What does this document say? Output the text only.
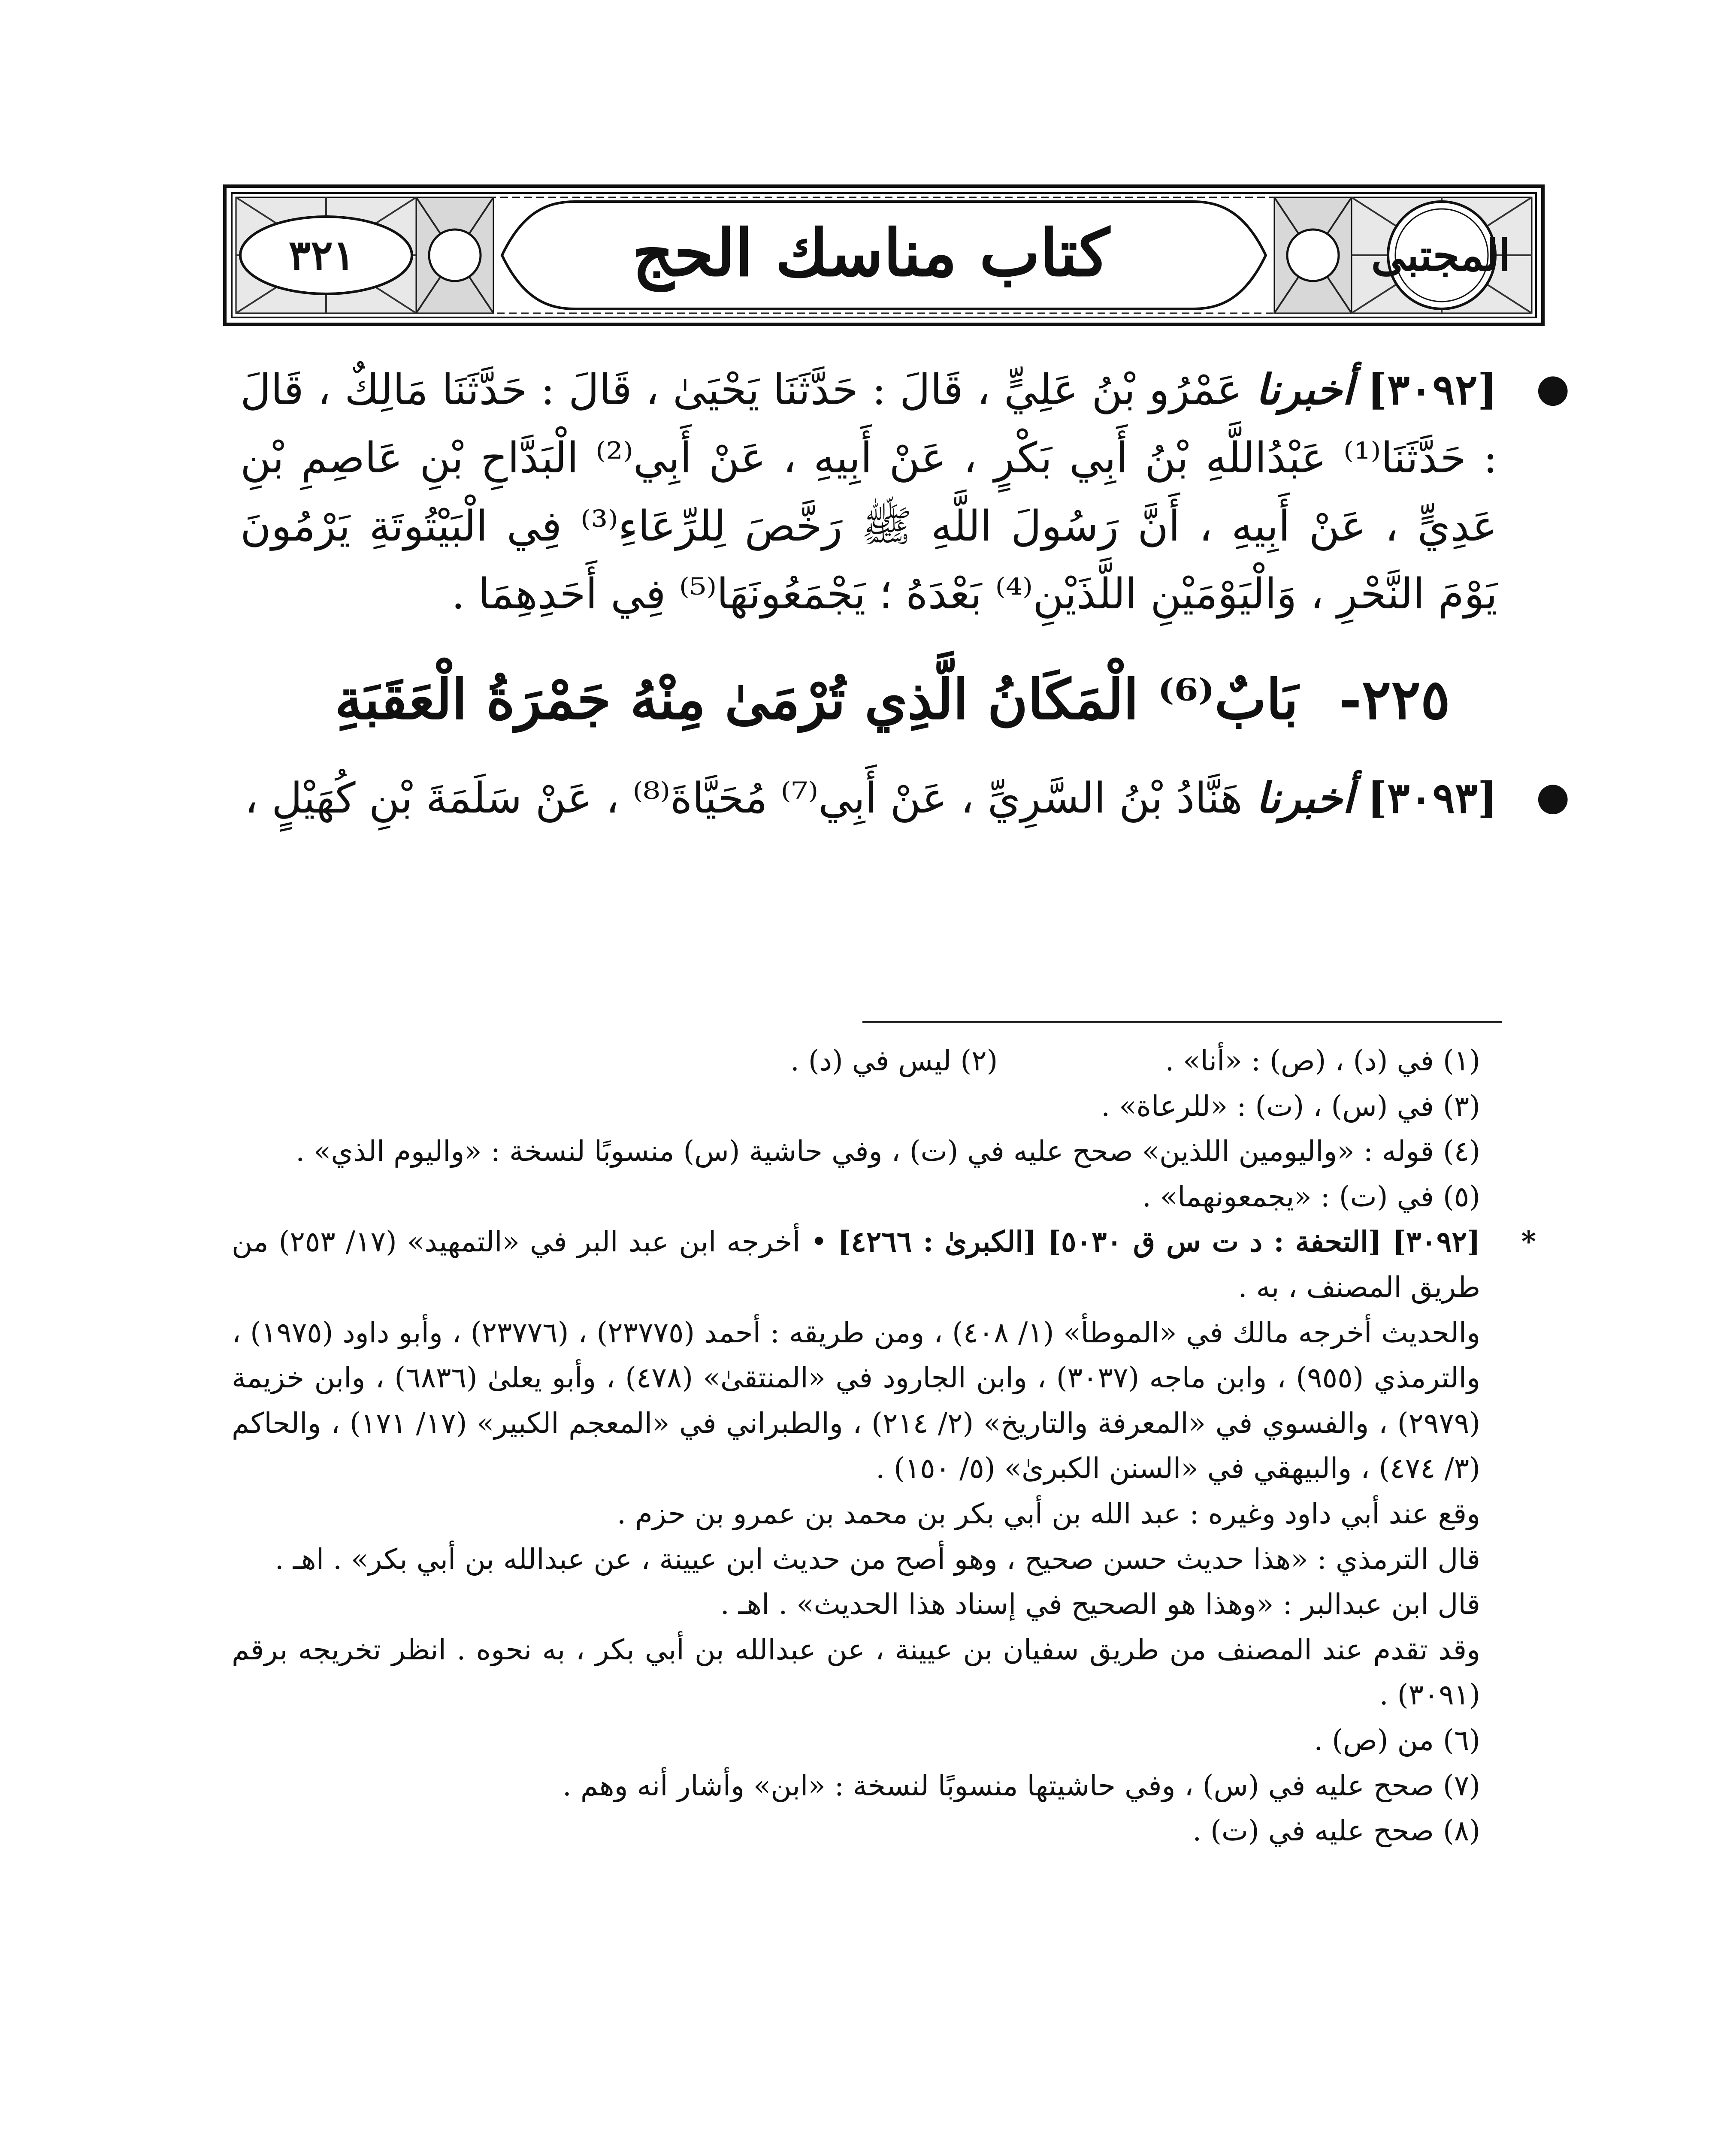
٣٢١	كتاب مناسك الحج	المجتبى

●
[٣٠٩٢] أخبرنا عَمْرُو بْنُ عَلِيٍّ ، قَالَ : حَدَّثَنَا يَحْيَىٰ ، قَالَ : حَدَّثَنَا مَالِكٌ ، قَالَ : حَدَّثَنَا⁽¹⁾ عَبْدُاللَّهِ بْنُ أَبِي بَكْرٍ ، عَنْ أَبِيهِ ، عَنْ أَبِي⁽²⁾ الْبَدَّاحِ بْنِ عَاصِمِ بْنِ عَدِيٍّ ، عَنْ أَبِيهِ ، أَنَّ رَسُولَ اللَّهِ ﷺ رَخَّصَ لِلرِّعَاءِ⁽³⁾ فِي الْبَيْتُوتَةِ يَرْمُونَ يَوْمَ النَّحْرِ ، وَالْيَوْمَيْنِ اللَّذَيْنِ⁽⁴⁾ بَعْدَهُ ؛ يَجْمَعُونَهَا⁽⁵⁾ فِي أَحَدِهِمَا .

٢٢٥- بَابٌ⁽⁶⁾ الْمَكَانُ الَّذِي تُرْمَىٰ مِنْهُ جَمْرَةُ الْعَقَبَةِ

●
[٣٠٩٣] أخبرنا هَنَّادُ بْنُ السَّرِيِّ ، عَنْ أَبِي⁽⁷⁾ مُحَيَّاةَ⁽⁸⁾ ، عَنْ سَلَمَةَ بْنِ كُهَيْلٍ ،

(١) في (د) ، (ص) : «أنا» .

(٢) ليس في (د) .

(٣) في (س) ، (ت) : «للرعاة» .

(٤) قوله : «واليومين اللذين» صحح عليه في (ت) ، وفي حاشية (س) منسوبًا لنسخة : «واليوم الذي» .

(٥) في (ت) : «يجمعونهما» .

*
[٣٠٩٢] [التحفة : د ت س ق ٥٠٣٠] [الكبرىٰ : ٤٢٦٦] • أخرجه ابن عبد البر في «التمهيد» (١٧/ ٢٥٣) من طريق المصنف ، به .

والحديث أخرجه مالك في «الموطأ» (١/ ٤٠٨) ، ومن طريقه : أحمد (٢٣٧٧٥) ، (٢٣٧٧٦) ، وأبو داود (١٩٧٥) ، والترمذي (٩٥٥) ، وابن ماجه (٣٠٣٧) ، وابن الجارود في «المنتقىٰ» (٤٧٨) ، وأبو يعلىٰ (٦٨٣٦) ، وابن خزيمة (٢٩٧٩) ، والفسوي في «المعرفة والتاريخ» (٢/ ٢١٤) ، والطبراني في «المعجم الكبير» (١٧/ ١٧١) ، والحاكم (٣/ ٤٧٤) ، والبيهقي في «السنن الكبرىٰ» (٥/ ١٥٠) .

وقع عند أبي داود وغيره : عبد الله بن أبي بكر بن محمد بن عمرو بن حزم .

قال الترمذي : «هذا حديث حسن صحيح ، وهو أصح من حديث ابن عيينة ، عن عبدالله بن أبي بكر» . اهـ .

قال ابن عبدالبر : «وهذا هو الصحيح في إسناد هذا الحديث» . اهـ .

وقد تقدم عند المصنف من طريق سفيان بن عيينة ، عن عبدالله بن أبي بكر ، به نحوه . انظر تخريجه برقم (٣٠٩١) .

(٦) من (ص) .

(٧) صحح عليه في (س) ، وفي حاشيتها منسوبًا لنسخة : «ابن» وأشار أنه وهم .

(٨) صحح عليه في (ت) .
